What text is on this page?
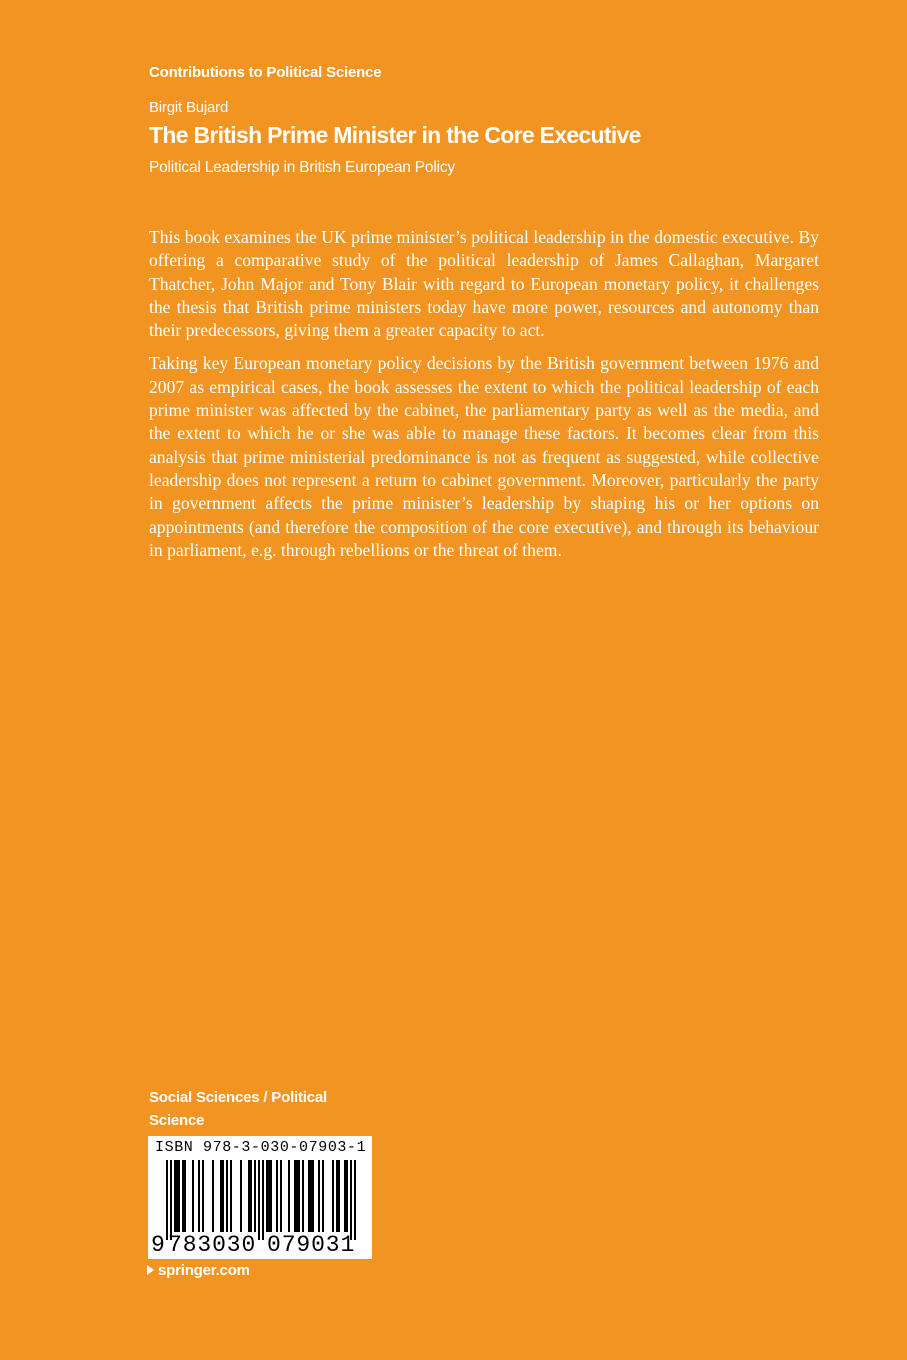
Contributions to Political Science
Birgit Bujard
The British Prime Minister in the Core Executive
Political Leadership in British European Policy

This book examines the UK prime minister’s political leadership in the domestic executive. By offering a comparative study of the political leadership of James Callaghan, Margaret Thatcher, John Major and Tony Blair with regard to European monetary policy, it challenges the thesis that British prime ministers today have more power, resources and autonomy than their predecessors, giving them a greater capacity to act.

Taking key European monetary policy decisions by the British government between 1976 and 2007 as empirical cases, the book assesses the extent to which the political leadership of each prime minister was affected by the cabinet, the parliamentary party as well as the media, and the extent to which he or she was able to manage these factors. It becomes clear from this analysis that prime ministerial predominance is not as frequent as suggested, while collective leadership does not represent a return to cabinet government. Moreover, particularly the party in government affects the prime minister’s leadership by shaping his or her options on appointments (and therefore the composition of the core executive), and through its behaviour in parliament, e.g. through rebellions or the threat of them.

Social Sciences / Political Science
ISBN 978-3-030-07903-1
9 783030 079031
springer.com
